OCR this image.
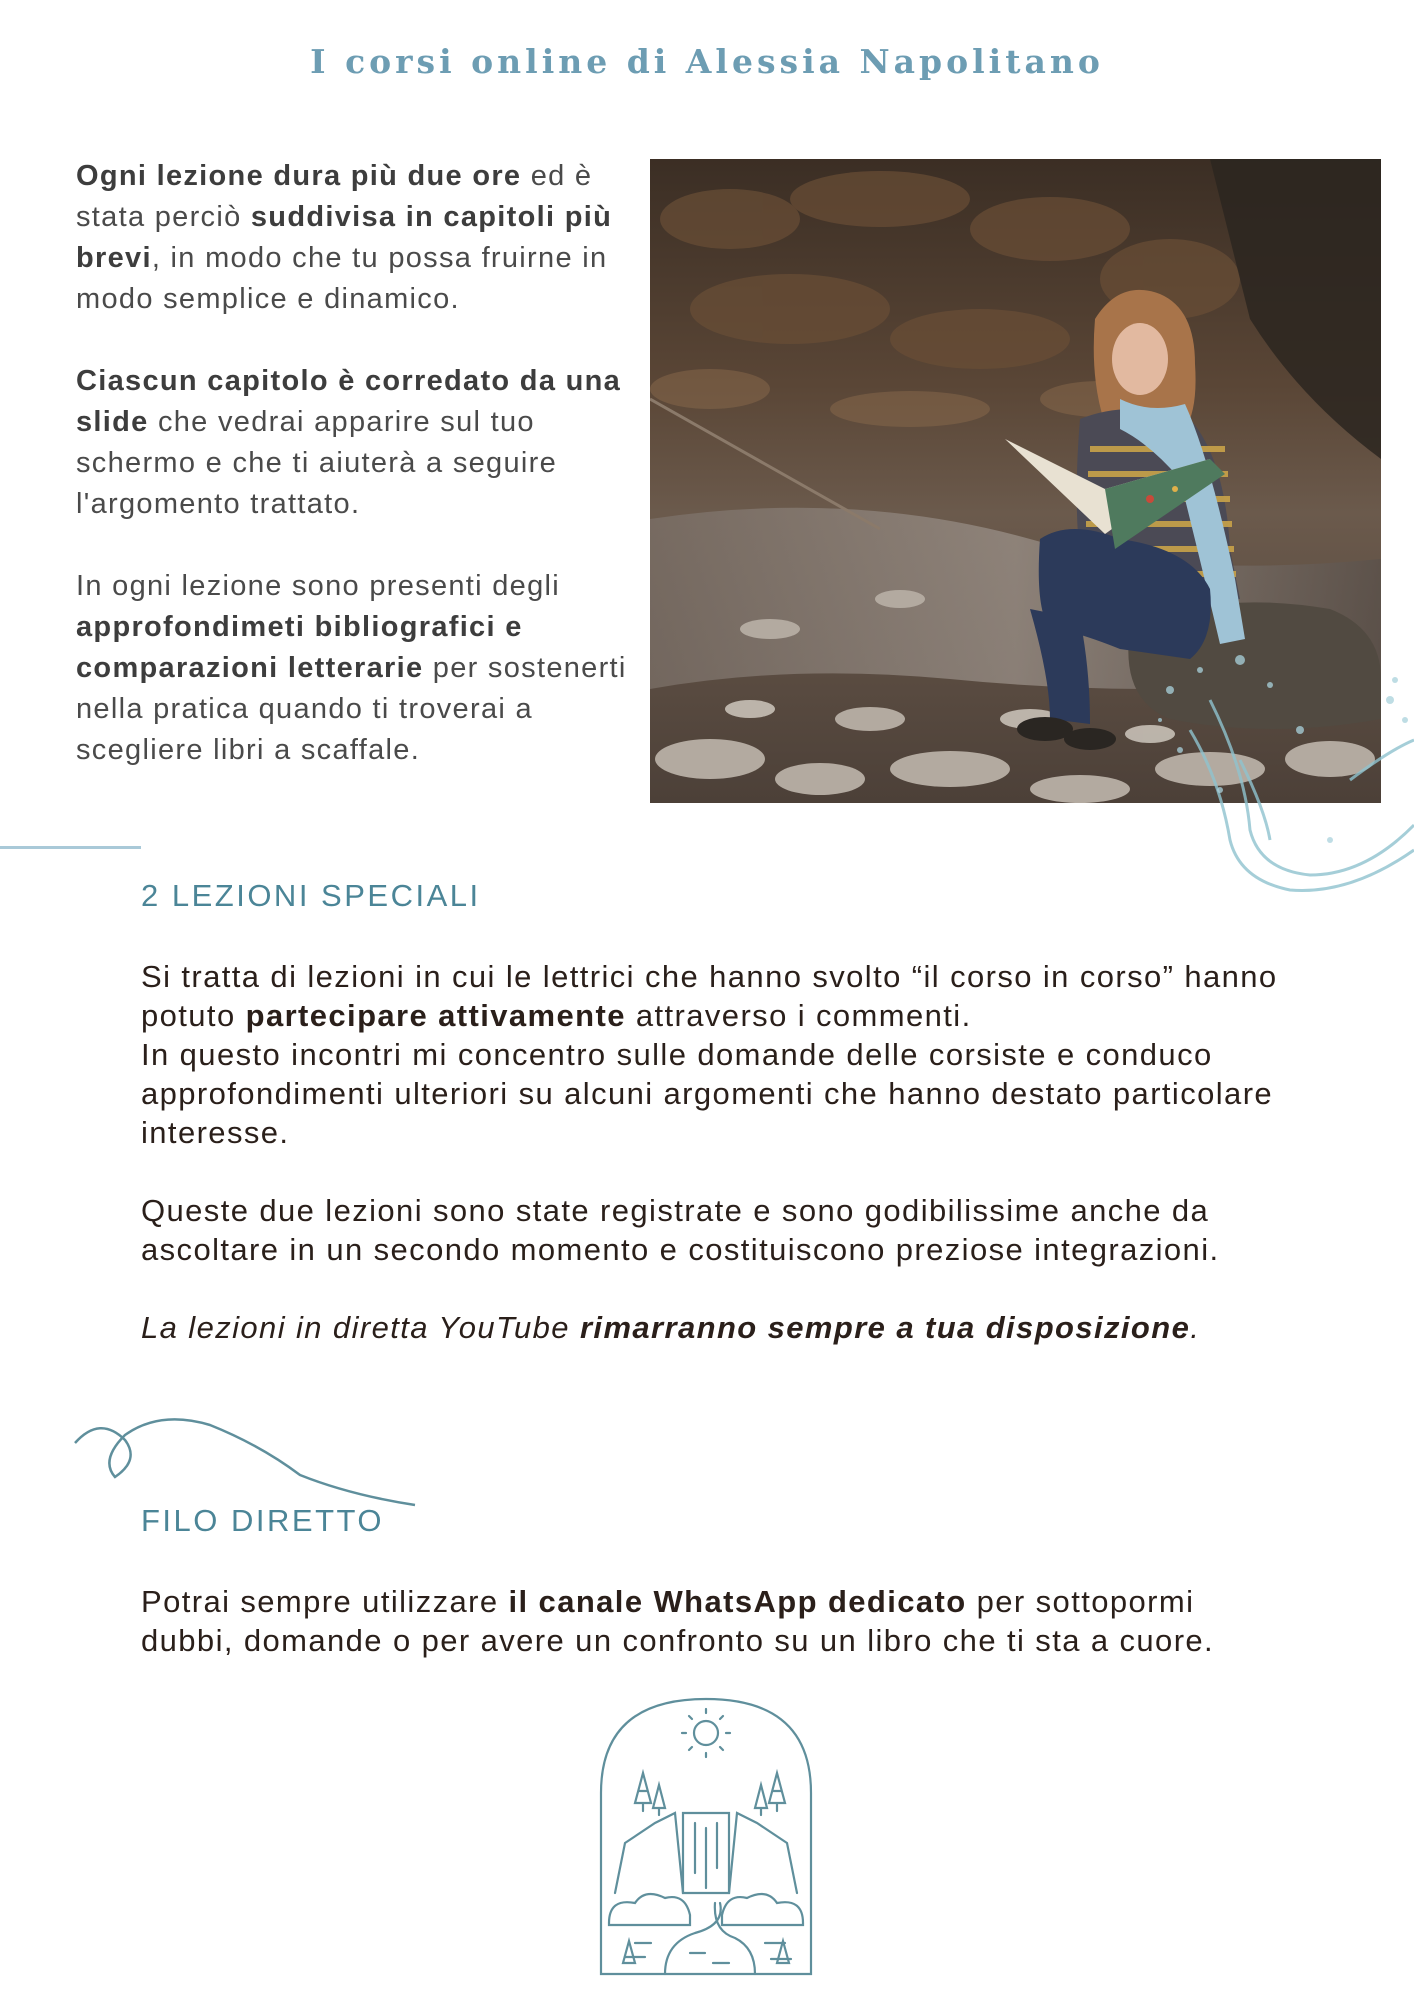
I corsi online di Alessia Napolitano

Ogni lezione dura più due ore ed è stata perciò suddivisa in capitoli più brevi, in modo che tu possa fruirne in modo semplice e dinamico.

Ciascun capitolo è corredato da una slide che vedrai apparire sul tuo schermo e che ti aiuterà a seguire l'argomento trattato.

In ogni lezione sono presenti degli approfondimeti bibliografici e comparazioni letterarie per sostenerti nella pratica quando ti troverai a scegliere libri a scaffale.

2 LEZIONI SPECIALI

Si tratta di lezioni in cui le lettrici che hanno svolto “il corso in corso” hanno potuto partecipare attivamente attraverso i commenti.
In questo incontri mi concentro sulle domande delle corsiste e conduco approfondimenti ulteriori su alcuni argomenti che hanno destato particolare interesse.

Queste due lezioni sono state registrate e sono godibilissime anche da ascoltare in un secondo momento e costituiscono preziose integrazioni.

La lezioni in diretta YouTube rimarranno sempre a tua disposizione.

FILO DIRETTO

Potrai sempre utilizzare il canale WhatsApp dedicato per sottopormi dubbi, domande o per avere un confronto su un libro che ti sta a cuore.
